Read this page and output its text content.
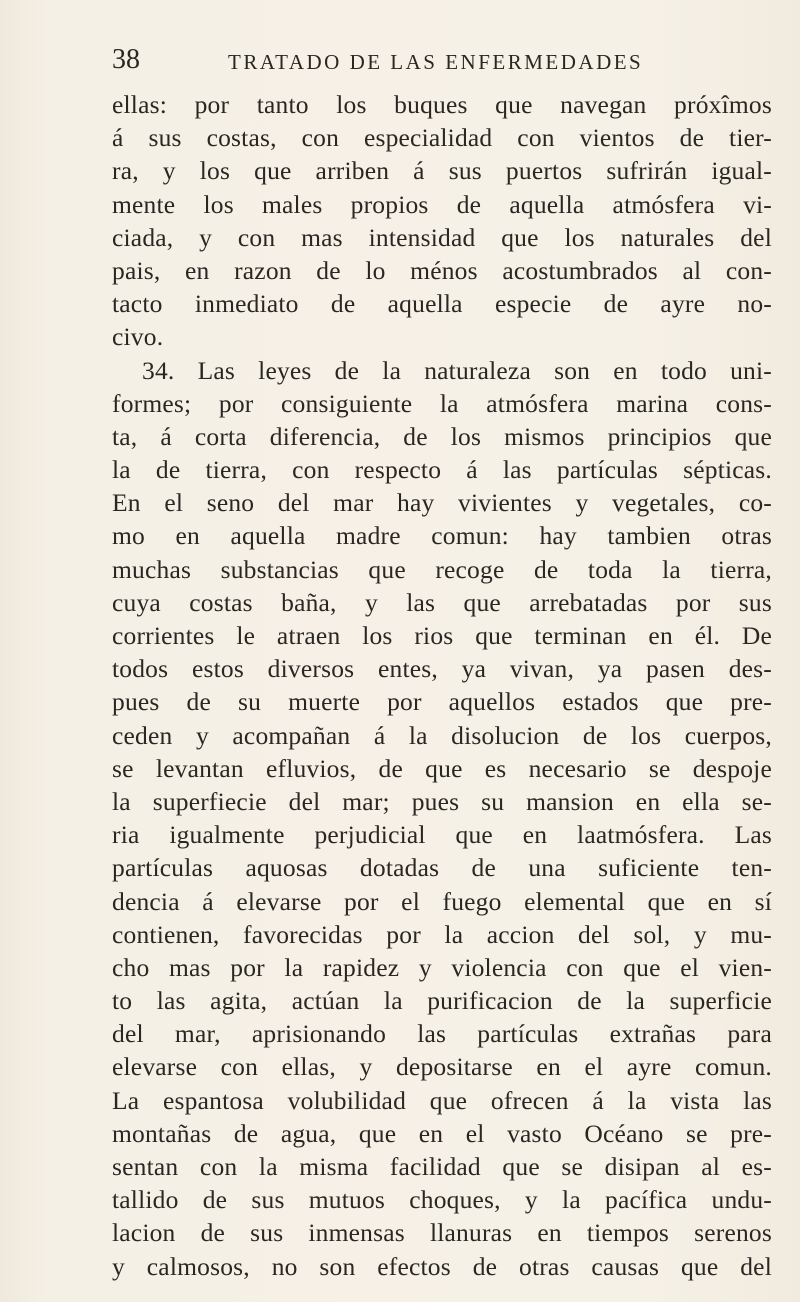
38	TRATADO DE LAS ENFERMEDADES
ellas: por tanto los buques que navegan próxîmos
á sus costas, con especialidad con vientos de tier-
ra, y los que arriben á sus puertos sufrirán igual-
mente los males propios de aquella atmósfera vi-
ciada, y con mas intensidad que los naturales del
pais, en razon de lo ménos acostumbrados al con-
tacto inmediato de aquella especie de ayre no-
civo.
34. Las leyes de la naturaleza son en todo uni-
formes; por consiguiente la atmósfera marina cons-
ta, á corta diferencia, de los mismos principios que
la de tierra, con respecto á las partículas sépticas.
En el seno del mar hay vivientes y vegetales, co-
mo en aquella madre comun: hay tambien otras
muchas substancias que recoge de toda la tierra,
cuya costas baña, y las que arrebatadas por sus
corrientes le atraen los rios que terminan en él. De
todos estos diversos entes, ya vivan, ya pasen des-
pues de su muerte por aquellos estados que pre-
ceden y acompañan á la disolucion de los cuerpos,
se levantan efluvios, de que es necesario se despoje
la superfiecie del mar; pues su mansion en ella se-
ria igualmente perjudicial que en laatmósfera. Las
partículas aquosas dotadas de una suficiente ten-
dencia á elevarse por el fuego elemental que en sí
contienen, favorecidas por la accion del sol, y mu-
cho mas por la rapidez y violencia con que el vien-
to las agita, actúan la purificacion de la superficie
del mar, aprisionando las partículas extrañas para
elevarse con ellas, y depositarse en el ayre comun.
La espantosa volubilidad que ofrecen á la vista las
montañas de agua, que en el vasto Océano se pre-
sentan con la misma facilidad que se disipan al es-
tallido de sus mutuos choques, y la pacífica undu-
lacion de sus inmensas llanuras en tiempos serenos
y calmosos, no son efectos de otras causas que del
